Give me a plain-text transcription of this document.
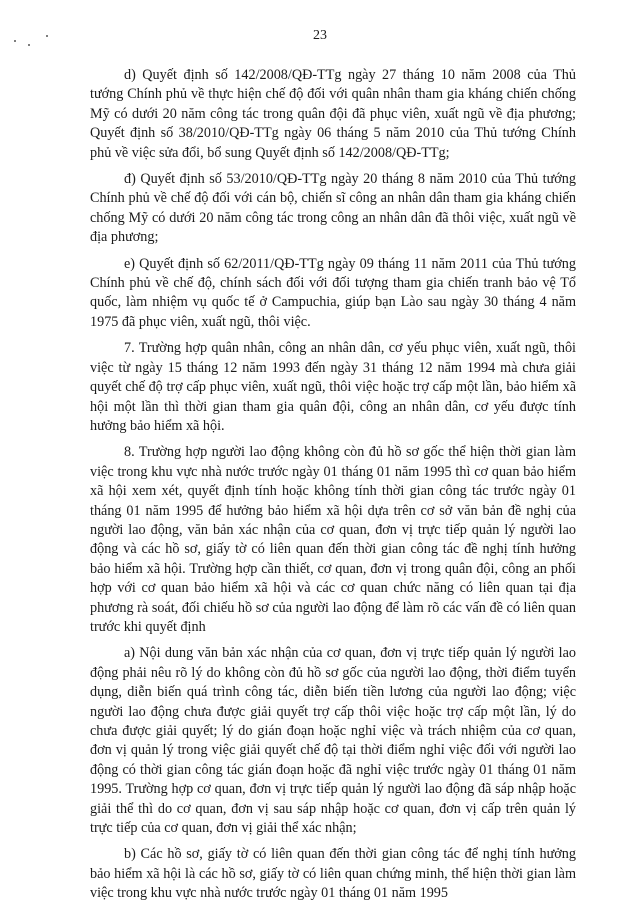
23

d) Quyết định số 142/2008/QĐ-TTg ngày 27 tháng 10 năm 2008 của Thủ tướng Chính phủ về thực hiện chế độ đối với quân nhân tham gia kháng chiến chống Mỹ có dưới 20 năm công tác trong quân đội đã phục viên, xuất ngũ về địa phương; Quyết định số 38/2010/QĐ-TTg ngày 06 tháng 5 năm 2010 của Thủ tướng Chính phủ về việc sửa đổi, bổ sung Quyết định số 142/2008/QĐ-TTg;

đ) Quyết định số 53/2010/QĐ-TTg ngày 20 tháng 8 năm 2010 của Thủ tướng Chính phủ về chế độ đối với cán bộ, chiến sĩ công an nhân dân tham gia kháng chiến chống Mỹ có dưới 20 năm công tác trong công an nhân dân đã thôi việc, xuất ngũ về địa phương;

e) Quyết định số 62/2011/QĐ-TTg ngày 09 tháng 11 năm 2011 của Thủ tướng Chính phủ về chế độ, chính sách đối với đối tượng tham gia chiến tranh bảo vệ Tổ quốc, làm nhiệm vụ quốc tế ở Campuchia, giúp bạn Lào sau ngày 30 tháng 4 năm 1975 đã phục viên, xuất ngũ, thôi việc.

7. Trường hợp quân nhân, công an nhân dân, cơ yếu phục viên, xuất ngũ, thôi việc từ ngày 15 tháng 12 năm 1993 đến ngày 31 tháng 12 năm 1994 mà chưa giải quyết chế độ trợ cấp phục viên, xuất ngũ, thôi việc hoặc trợ cấp một lần, bảo hiểm xã hội một lần thì thời gian tham gia quân đội, công an nhân dân, cơ yếu được tính hưởng bảo hiểm xã hội.

8. Trường hợp người lao động không còn đủ hồ sơ gốc thể hiện thời gian làm việc trong khu vực nhà nước trước ngày 01 tháng 01 năm 1995 thì cơ quan bảo hiểm xã hội xem xét, quyết định tính hoặc không tính thời gian công tác trước ngày 01 tháng 01 năm 1995 để hưởng bảo hiểm xã hội dựa trên cơ sở văn bản đề nghị của người lao động, văn bản xác nhận của cơ quan, đơn vị trực tiếp quản lý người lao động và các hồ sơ, giấy tờ có liên quan đến thời gian công tác đề nghị tính hưởng bảo hiểm xã hội. Trường hợp cần thiết, cơ quan, đơn vị trong quân đội, công an phối hợp với cơ quan bảo hiểm xã hội và các cơ quan chức năng có liên quan tại địa phương rà soát, đối chiếu hồ sơ của người lao động để làm rõ các vấn đề có liên quan trước khi quyết định

a) Nội dung văn bản xác nhận của cơ quan, đơn vị trực tiếp quản lý người lao động phải nêu rõ lý do không còn đủ hồ sơ gốc của người lao động, thời điểm tuyển dụng, diễn biến quá trình công tác, diễn biến tiền lương của người lao động; việc người lao động chưa được giải quyết trợ cấp thôi việc hoặc trợ cấp một lần, lý do chưa được giải quyết; lý do gián đoạn hoặc nghỉ việc và trách nhiệm của cơ quan, đơn vị quản lý trong việc giải quyết chế độ tại thời điểm nghỉ việc đối với người lao động có thời gian công tác gián đoạn hoặc đã nghỉ việc trước ngày 01 tháng 01 năm 1995. Trường hợp cơ quan, đơn vị trực tiếp quản lý người lao động đã sáp nhập hoặc giải thể thì do cơ quan, đơn vị sau sáp nhập hoặc cơ quan, đơn vị cấp trên quản lý trực tiếp của cơ quan, đơn vị giải thể xác nhận;

b) Các hồ sơ, giấy tờ có liên quan đến thời gian công tác để nghị tính hưởng bảo hiểm xã hội là các hồ sơ, giấy tờ có liên quan chứng minh, thể hiện thời gian làm việc trong khu vực nhà nước trước ngày 01 tháng 01 năm 1995
